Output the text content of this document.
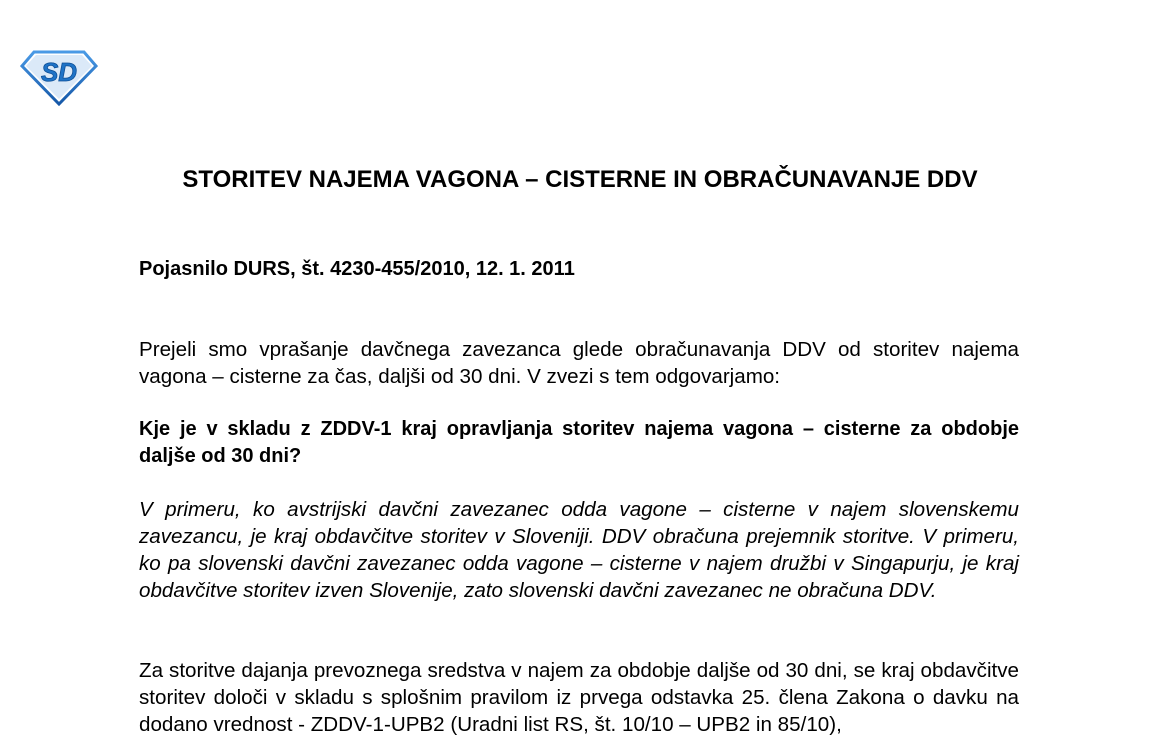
SD
STORITEV NAJEMA VAGONA – CISTERNE IN OBRAČUNAVANJE DDV

Pojasnilo DURS, št. 4230-455/2010, 12. 1. 2011

Prejeli smo vprašanje davčnega zavezanca glede obračunavanja DDV od storitev najema vagona – cisterne za čas, daljši od 30 dni. V zvezi s tem odgovarjamo:

Kje je v skladu z ZDDV-1 kraj opravljanja storitev najema vagona – cisterne za obdobje daljše od 30 dni?

V primeru, ko avstrijski davčni zavezanec odda vagone – cisterne v najem slovenskemu zavezancu, je kraj obdavčitve storitev v Sloveniji. DDV obračuna prejemnik storitve. V primeru, ko pa slovenski davčni zavezanec odda vagone – cisterne v najem družbi v Singapurju, je kraj obdavčitve storitev izven Slovenije, zato slovenski davčni zavezanec ne obračuna DDV.

Za storitve dajanja prevoznega sredstva v najem za obdobje daljše od 30 dni, se kraj obdavčitve storitev določi v skladu s splošnim pravilom iz prvega odstavka 25. člena Zakona o davku na dodano vrednost - ZDDV-1-UPB2 (Uradni list RS, št. 10/10 – UPB2 in 85/10),
